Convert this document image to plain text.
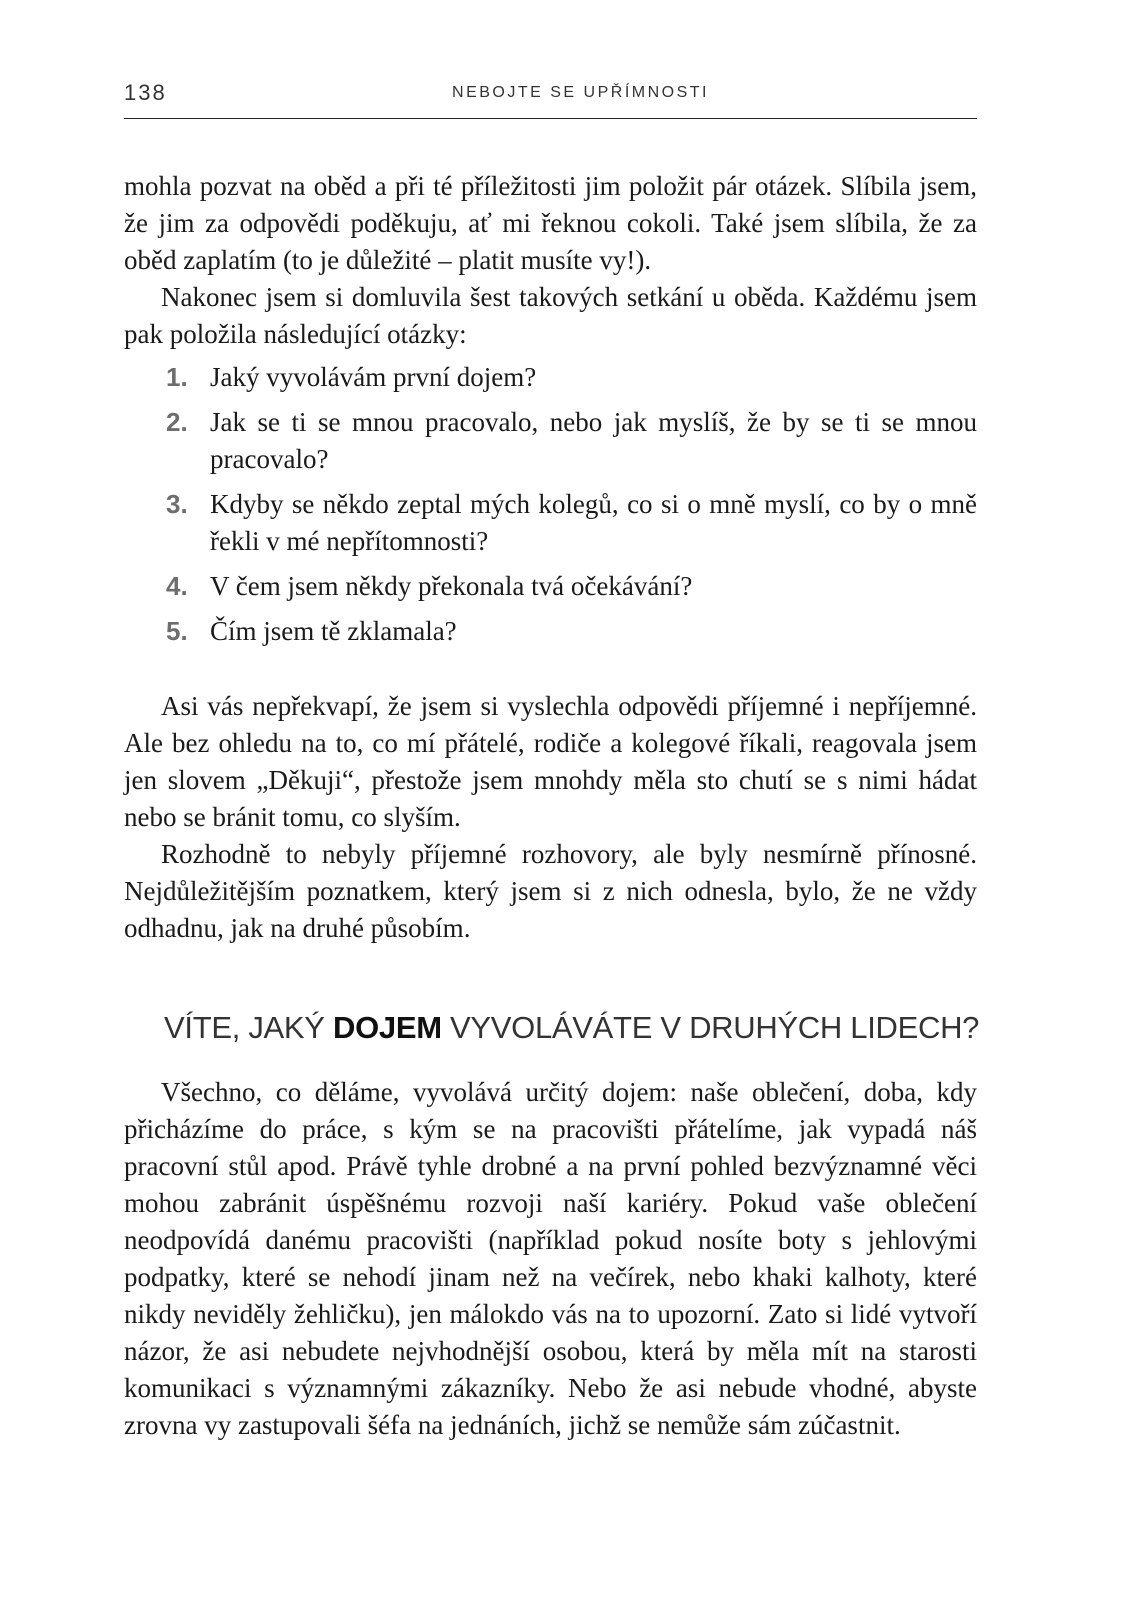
138	NEBOJTE SE UPŘÍMNOSTI

mohla pozvat na oběd a při té příležitosti jim položit pár otázek. Slíbila jsem, že jim za odpovědi poděkuju, ať mi řeknou cokoli. Také jsem slíbila, že za oběd zaplatím (to je důležité – platit musíte vy!).

Nakonec jsem si domluvila šest takových setkání u oběda. Každému jsem pak položila následující otázky:

1. Jaký vyvolávám první dojem?
2. Jak se ti se mnou pracovalo, nebo jak myslíš, že by se ti se mnou pracovalo?
3. Kdyby se někdo zeptal mých kolegů, co si o mně myslí, co by o mně řekli v mé nepřítomnosti?
4. V čem jsem někdy překonala tvá očekávání?
5. Čím jsem tě zklamala?

Asi vás nepřekvapí, že jsem si vyslechla odpovědi příjemné i nepříjemné. Ale bez ohledu na to, co mí přátelé, rodiče a kolegové říkali, reagovala jsem jen slovem „Děkuji“, přestože jsem mnohdy měla sto chutí se s nimi hádat nebo se bránit tomu, co slyším.

Rozhodně to nebyly příjemné rozhovory, ale byly nesmírně přínosné. Nejdůležitějším poznatkem, který jsem si z nich odnesla, bylo, že ne vždy odhadnu, jak na druhé působím.

VÍTE, JAKÝ DOJEM VYVOLÁVÁTE V DRUHÝCH LIDECH?

Všechno, co děláme, vyvolává určitý dojem: naše oblečení, doba, kdy přicházíme do práce, s kým se na pracovišti přátelíme, jak vypadá náš pracovní stůl apod. Právě tyhle drobné a na první pohled bezvýznamné věci mohou zabránit úspěšnému rozvoji naší kariéry. Pokud vaše oblečení neodpovídá danému pracovišti (například pokud nosíte boty s jehlovými podpatky, které se nehodí jinam než na večírek, nebo khaki kalhoty, které nikdy neviděly žehličku), jen málokdo vás na to upozorní. Zato si lidé vytvoří názor, že asi nebudete nejvhodnější osobou, která by měla mít na starosti komunikaci s významnými zákazníky. Nebo že asi nebude vhodné, abyste zrovna vy zastupovali šéfa na jednáních, jichž se nemůže sám zúčastnit.
